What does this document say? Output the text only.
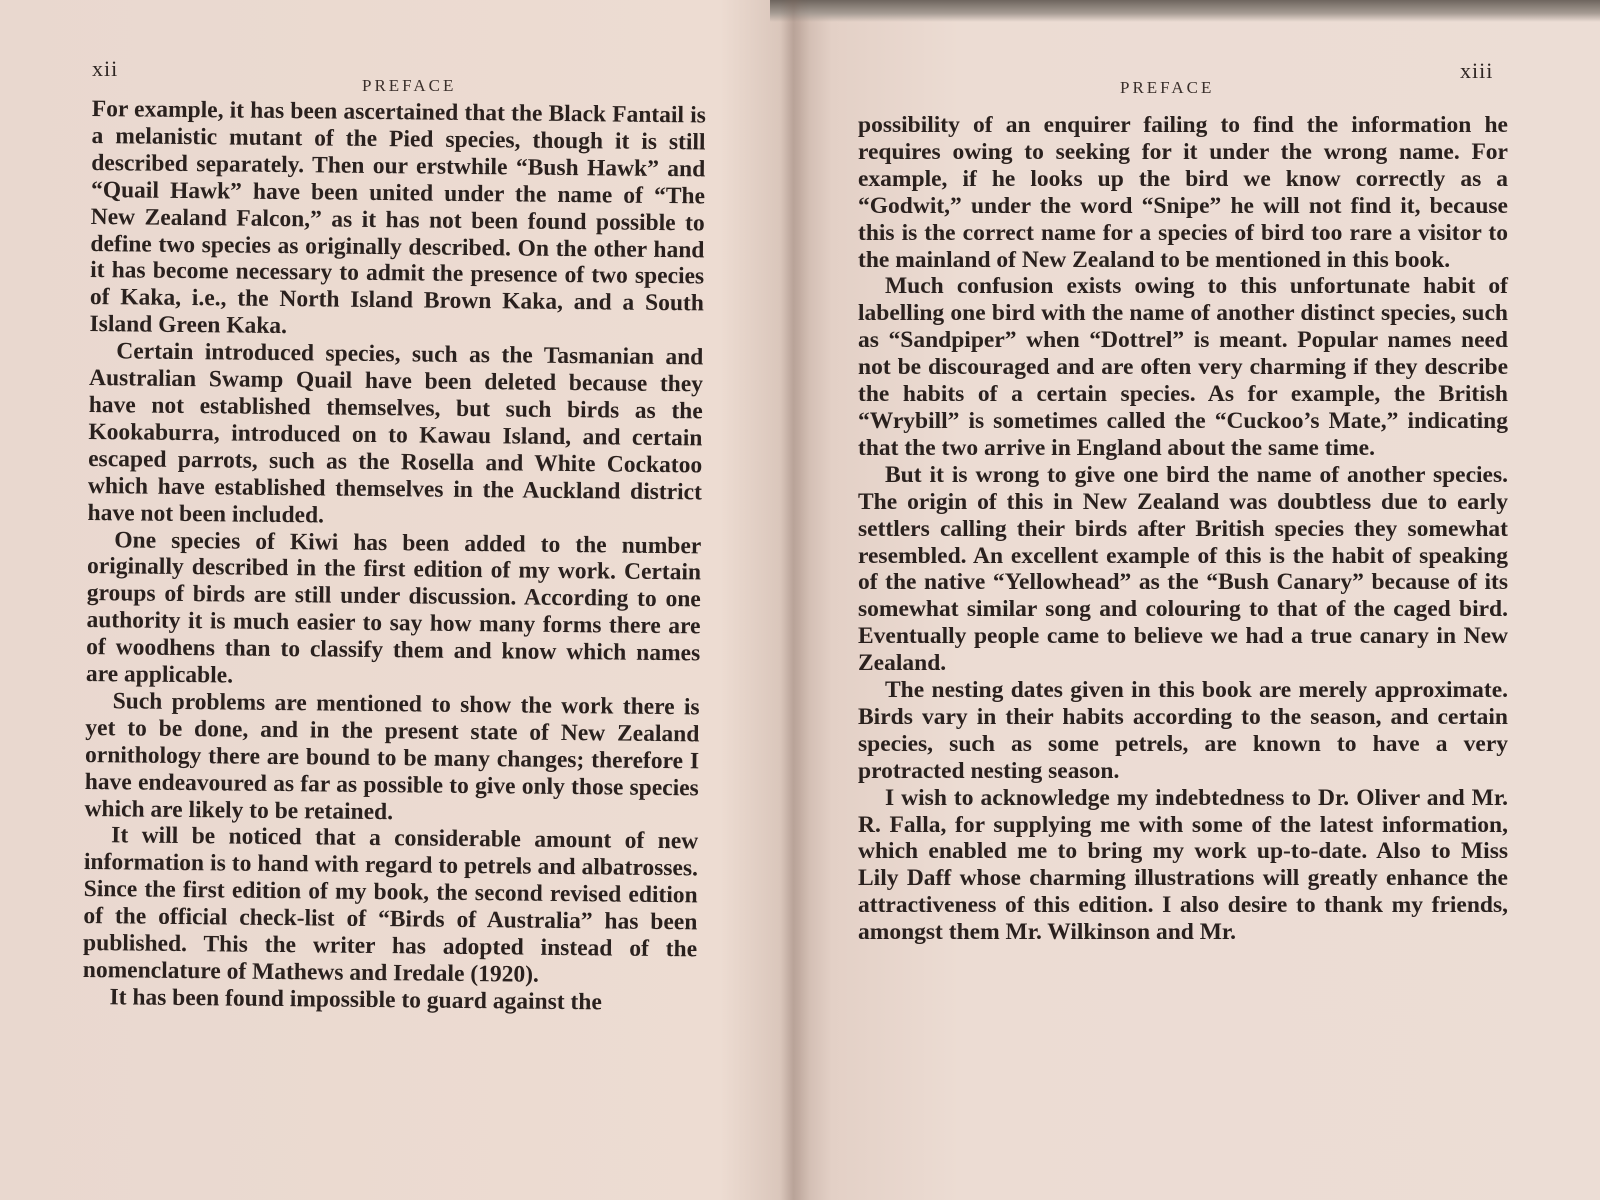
xii
PREFACE

For example, it has been ascertained that the Black Fantail is a melanistic mutant of the Pied species, though it is still described separately. Then our erstwhile “Bush Hawk” and “Quail Hawk” have been united under the name of “The New Zealand Falcon,” as it has not been found possible to define two species as originally described. On the other hand it has become necessary to admit the presence of two species of Kaka, i.e., the North Island Brown Kaka, and a South Island Green Kaka.

Certain introduced species, such as the Tasmanian and Australian Swamp Quail have been deleted because they have not established themselves, but such birds as the Kookaburra, introduced on to Kawau Island, and certain escaped parrots, such as the Rosella and White Cockatoo which have established themselves in the Auckland district have not been included.

One species of Kiwi has been added to the number originally described in the first edition of my work. Certain groups of birds are still under discussion. According to one authority it is much easier to say how many forms there are of woodhens than to classify them and know which names are applicable.

Such problems are mentioned to show the work there is yet to be done, and in the present state of New Zealand ornithology there are bound to be many changes; therefore I have endeavoured as far as possible to give only those species which are likely to be retained.

It will be noticed that a considerable amount of new information is to hand with regard to petrels and albatrosses. Since the first edition of my book, the second revised edition of the official check-list of “Birds of Australia” has been published. This the writer has adopted instead of the nomenclature of Mathews and Iredale (1920).

It has been found impossible to guard against the

xiii
PREFACE

possibility of an enquirer failing to find the information he requires owing to seeking for it under the wrong name. For example, if he looks up the bird we know correctly as a “Godwit,” under the word “Snipe” he will not find it, because this is the correct name for a species of bird too rare a visitor to the mainland of New Zealand to be mentioned in this book.

Much confusion exists owing to this unfortunate habit of labelling one bird with the name of another distinct species, such as “Sandpiper” when “Dottrel” is meant. Popular names need not be discouraged and are often very charming if they describe the habits of a certain species. As for example, the British “Wrybill” is sometimes called the “Cuckoo’s Mate,” indicating that the two arrive in England about the same time.

But it is wrong to give one bird the name of another species. The origin of this in New Zealand was doubtless due to early settlers calling their birds after British species they somewhat resembled. An excellent example of this is the habit of speaking of the native “Yellowhead” as the “Bush Canary” because of its somewhat similar song and colouring to that of the caged bird. Eventually people came to believe we had a true canary in New Zealand.

The nesting dates given in this book are merely approximate. Birds vary in their habits according to the season, and certain species, such as some petrels, are known to have a very protracted nesting season.

I wish to acknowledge my indebtedness to Dr. Oliver and Mr. R. Falla, for supplying me with some of the latest information, which enabled me to bring my work up-to-date. Also to Miss Lily Daff whose charming illustrations will greatly enhance the attractiveness of this edition. I also desire to thank my friends, amongst them Mr. Wilkinson and Mr.
